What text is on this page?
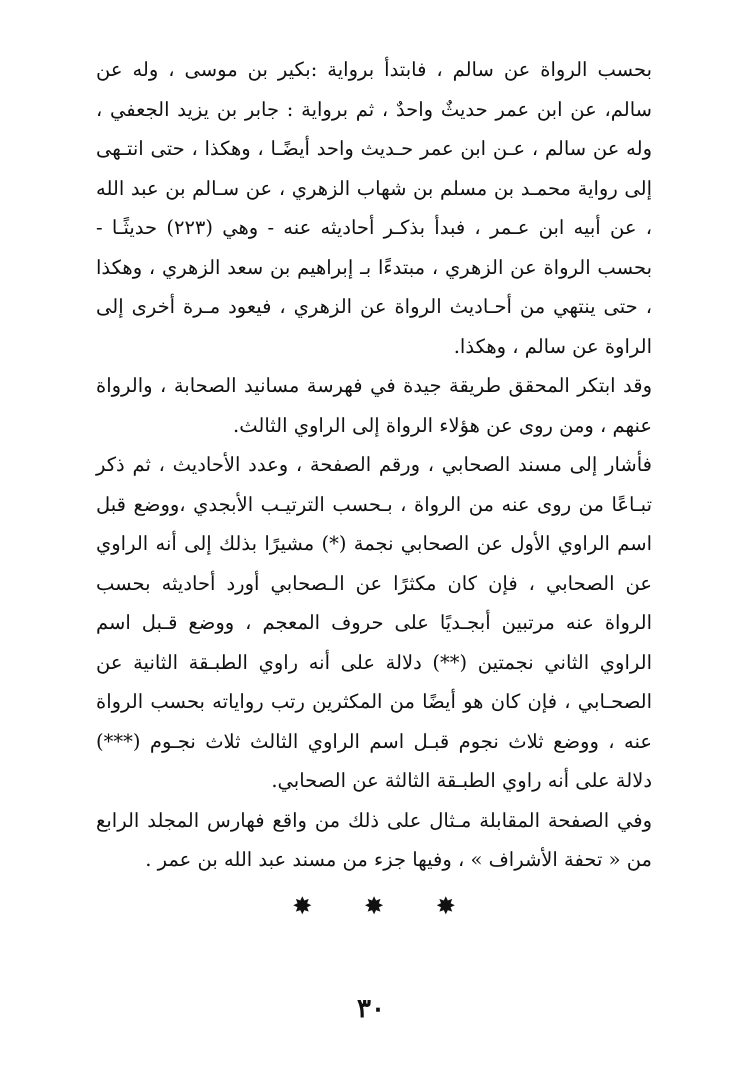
بحسب الرواة عن سالم ، فابتدأ برواية :بكير بن موسى ، وله عن سالم، عن ابن عمر حديثٌ واحدٌ ، ثم برواية : جابر بن يزيد الجعفي ، وله عن سالم ، عـن ابن عمر حـديث واحد أيضًـا ، وهكذا ، حتى انتـهى إلى رواية محمـد بن مسلم بن شهاب الزهري ، عن سـالم بن عبد الله ، عن أبيه ابن عـمر ، فبدأ بذكـر أحاديثه عنه - وهي (٢٢٣) حديثًـا - بحسب الرواة عن الزهري ، مبتدءًا بـ إبراهيم بن سعد الزهري ، وهكذا ، حتى ينتهي من أحـاديث الرواة عن الزهري ، فيعود مـرة أخرى إلى الراوة عن سالم ، وهكذا.

وقد ابتكر المحقق طريقة جيدة في فهرسة مسانيد الصحابة ، والرواة عنهم ، ومن روى عن هؤلاء الرواة إلى الراوي الثالث.

فأشار إلى مسند الصحابي ، ورقم الصفحة ، وعدد الأحاديث ، ثم ذكر تبـاعًا من روى عنه من الرواة ، بـحسب الترتيـب الأبجدي ،ووضع قبل اسم الراوي الأول عن الصحابي نجمة (*) مشيرًا بذلك إلى أنه الراوي عن الصحابي ، فإن كان مكثرًا عن الـصحابي أورد أحاديثه بحسب الرواة عنه مرتبين أبجـديًا على حروف المعجم ، ووضع قـبل اسم الراوي الثاني نجمتين (**) دلالة على أنه راوي الطبـقة الثانية عن الصحـابي ، فإن كان هو أيضًا من المكثرين رتب رواياته بحسب الرواة عنه ، ووضع ثلاث نجوم قبـل اسم الراوي الثالث ثلاث نجـوم (***) دلالة على أنه راوي الطبـقة الثالثة عن الصحابي.

وفي الصفحة المقابلة مـثال على ذلك من واقع فهارس المجلد الرابع من « تحفة الأشراف » ، وفيها جزء من مسند عبد الله بن عمر .

✸ ✸ ✸
٣٠
